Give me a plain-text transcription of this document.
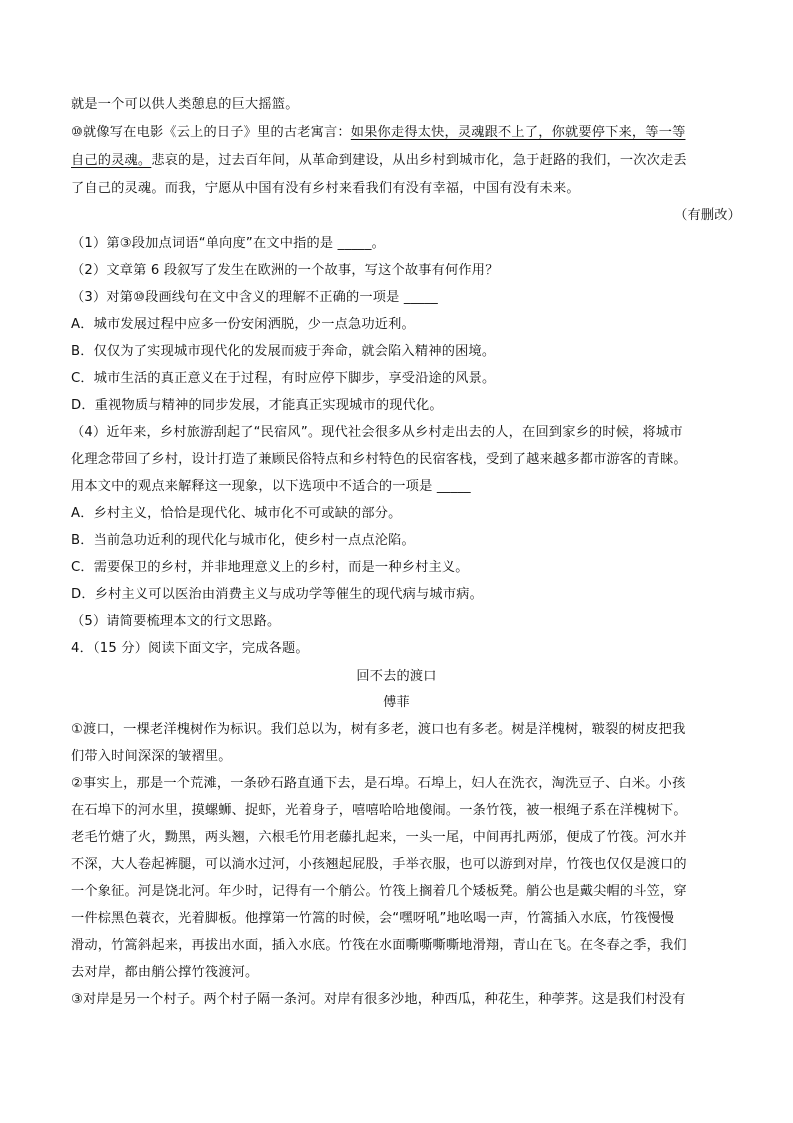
就是一个可以供人类憩息的巨大摇篮。
⑩就像写在电影《云上的日子》里的古老寓言：如果你走得太快，灵魂跟不上了，你就要停下来，等一等
自己的灵魂。悲哀的是，过去百年间，从革命到建设，从出乡村到城市化，急于赶路的我们，一次次走丢
了自己的灵魂。而我，宁愿从中国有没有乡村来看我们有没有幸福，中国有没有未来。
（有删改）
（1）第③段加点词语“单向度”在文中指的是 _____。
（2）文章第 6 段叙写了发生在欧洲的一个故事，写这个故事有何作用？
（3）对第⑩段画线句在文中含义的理解不正确的一项是 _____
A．城市发展过程中应多一份安闲洒脱，少一点急功近利。
B．仅仅为了实现城市现代化的发展而疲于奔命，就会陷入精神的困境。
C．城市生活的真正意义在于过程，有时应停下脚步，享受沿途的风景。
D．重视物质与精神的同步发展，才能真正实现城市的现代化。
（4）近年来，乡村旅游刮起了“民宿风”。现代社会很多从乡村走出去的人，在回到家乡的时候，将城市
化理念带回了乡村，设计打造了兼顾民俗特点和乡村特色的民宿客栈，受到了越来越多都市游客的青睐。
用本文中的观点来解释这一现象，以下选项中不适合的一项是 _____
A．乡村主义，恰恰是现代化、城市化不可或缺的部分。
B．当前急功近利的现代化与城市化，使乡村一点点沦陷。
C．需要保卫的乡村，并非地理意义上的乡村，而是一种乡村主义。
D．乡村主义可以医治由消费主义与成功学等催生的现代病与城市病。
（5）请简要梳理本文的行文思路。
4．（15 分）阅读下面文字，完成各题。
回不去的渡口
傅菲
①渡口，一棵老洋槐树作为标识。我们总以为，树有多老，渡口也有多老。树是洋槐树，皲裂的树皮把我
们带入时间深深的皱褶里。
②事实上，那是一个荒滩，一条砂石路直通下去，是石埠。石埠上，妇人在洗衣，淘洗豆子、白米。小孩
在石埠下的河水里，摸螺蛳、捉虾，光着身子，嘻嘻哈哈地傻闹。一条竹筏，被一根绳子系在洋槐树下。
老毛竹煻了火，黝黑，两头翘，六根毛竹用老藤扎起来，一头一尾，中间再扎两邠，便成了竹筏。河水并
不深，大人卷起裤腿，可以淌水过河，小孩翘起屁股，手举衣服，也可以游到对岸，竹筏也仅仅是渡口的
一个象征。河是饶北河。年少时，记得有一个艄公。竹筏上搁着几个矮板凳。艄公也是戴尖帽的斗笠，穿
一件棕黑色蓑衣，光着脚板。他撑第一竹篙的时候，会“嘿呀吼”地吆喝一声，竹篙插入水底，竹筏慢慢
滑动，竹篙斜起来，再拔出水面，插入水底。竹筏在水面嘶嘶嘶嘶地滑翔，青山在飞。在冬春之季，我们
去对岸，都由艄公撑竹筏渡河。
③对岸是另一个村子。两个村子隔一条河。对岸有很多沙地，种西瓜，种花生，种荸荠。这是我们村没有
